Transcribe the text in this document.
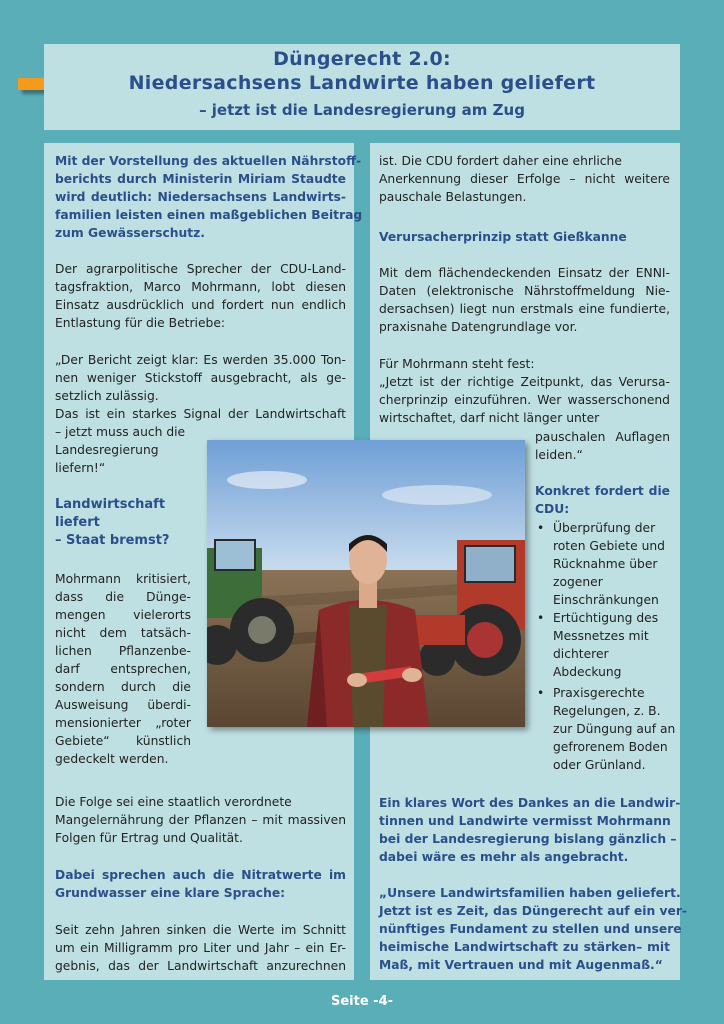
Düngerecht 2.0:
Niedersachsens Landwirte haben geliefert
– jetzt ist die Landesregierung am Zug
Mit der Vorstellung des aktuellen Nährstoff-
berichts durch Ministerin Miriam Staudte
wird deutlich: Niedersachsens Landwirts-
familien leisten einen maßgeblichen Beitrag
zum Gewässerschutz.
Der agrarpolitische Sprecher der CDU-Land-
tagsfraktion, Marco Mohrmann, lobt diesen
Einsatz ausdrücklich und fordert nun endlich
Entlastung für die Betriebe:
„Der Bericht zeigt klar: Es werden 35.000 Ton-
nen weniger Stickstoff ausgebracht, als ge-
setzlich zulässig.
Das ist ein starkes Signal der Landwirtschaft
– jetzt muss auch die
Landesregierung
liefern!“
Landwirtschaft
liefert
– Staat bremst?
Mohrmann kritisiert,
dass die Dünge-
mengen vielerorts
nicht dem tatsäch-
lichen Pflanzenbe-
darf entsprechen,
sondern durch die
Ausweisung überdi-
mensionierter „roter
Gebiete“ künstlich
gedeckelt werden.
Die Folge sei eine staatlich verordnete
Mangelernährung der Pflanzen – mit massiven
Folgen für Ertrag und Qualität.
Dabei sprechen auch die Nitratwerte im
Grundwasser eine klare Sprache:
Seit zehn Jahren sinken die Werte im Schnitt
um ein Milligramm pro Liter und Jahr – ein Er-
gebnis, das der Landwirtschaft anzurechnen
ist. Die CDU fordert daher eine ehrliche
Anerkennung dieser Erfolge – nicht weitere
pauschale Belastungen.
Verursacherprinzip statt Gießkanne
Mit dem flächendeckenden Einsatz der ENNI-
Daten (elektronische Nährstoffmeldung Nie-
dersachsen) liegt nun erstmals eine fundierte,
praxisnahe Datengrundlage vor.
Für Mohrmann steht fest:
„Jetzt ist der richtige Zeitpunkt, das Verursa-
cherprinzip einzuführen. Wer wasserschonend
wirtschaftet, darf nicht länger unter
pauschalen Auflagen
leiden.“
Konkret fordert die
CDU:
• Überprüfung der
roten Gebiete und
Rücknahme über
zogener
Einschränkungen
• Ertüchtigung des
Messnetzes mit
dichterer
Abdeckung
• Praxisgerechte
Regelungen, z. B.
zur Düngung auf an
gefrorenem Boden
oder Grünland.
Ein klares Wort des Dankes an die Landwir-
tinnen und Landwirte vermisst Mohrmann
bei der Landesregierung bislang gänzlich –
dabei wäre es mehr als angebracht.
„Unsere Landwirtsfamilien haben geliefert.
Jetzt ist es Zeit, das Düngerecht auf ein ver-
nünftiges Fundament zu stellen und unsere
heimische Landwirtschaft zu stärken– mit
Maß, mit Vertrauen und mit Augenmaß.“
Seite -4-
